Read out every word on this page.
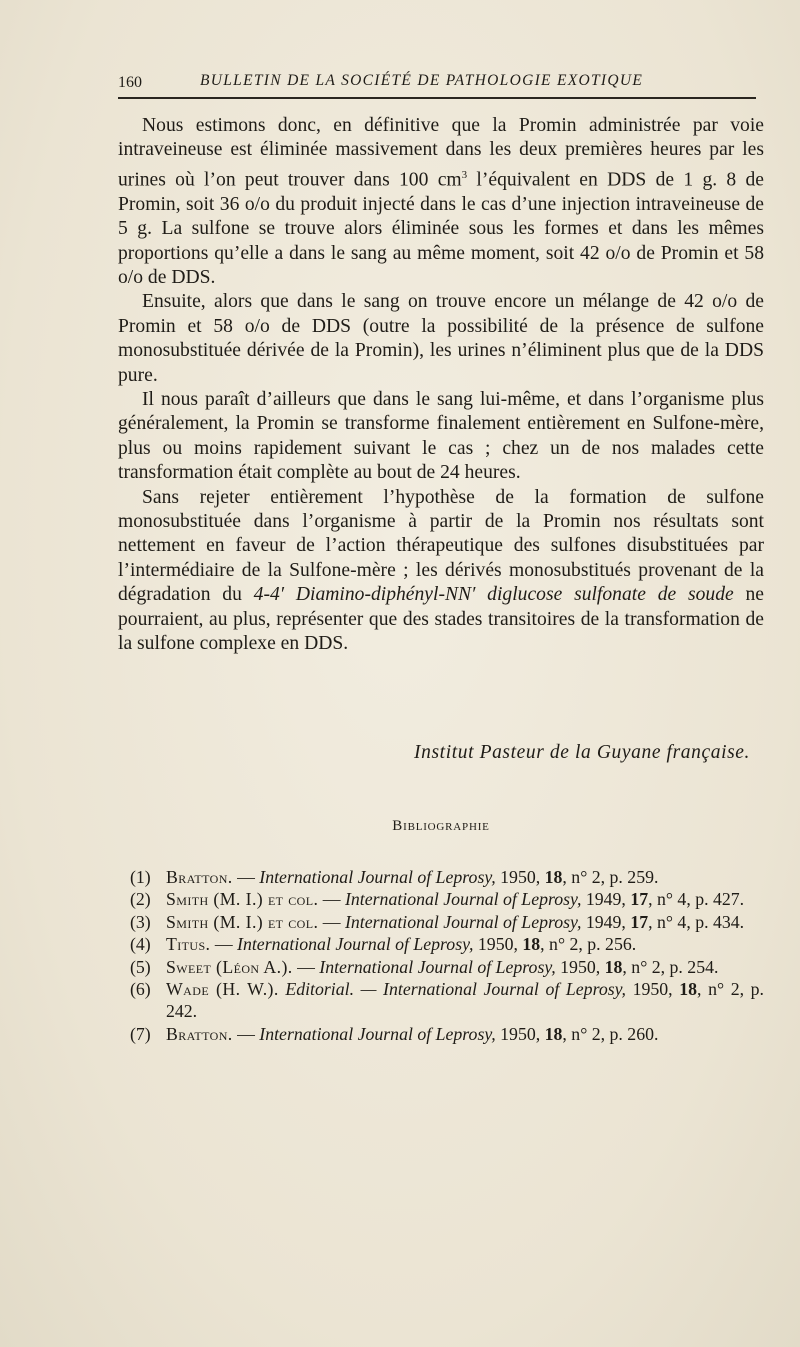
160	BULLETIN DE LA SOCIÉTÉ DE PATHOLOGIE EXOTIQUE

Nous estimons donc, en définitive que la Promin administrée par voie intraveineuse est éliminée massivement dans les deux premières heures par les urines où l’on peut trouver dans 100 $cm^3$ l’équivalent en DDS de 1 g. 8 de Promin, soit 36 o/o du produit injecté dans le cas d’une injection intraveineuse de 5 g. La sulfone se trouve alors éliminée sous les formes et dans les mêmes proportions qu’elle a dans le sang au même moment, soit 42 o/o de Promin et 58 o/o de DDS.

Ensuite, alors que dans le sang on trouve encore un mélange de 42 o/o de Promin et 58 o/o de DDS (outre la possibilité de la présence de sulfone monosubstituée dérivée de la Promin), les urines n’éliminent plus que de la DDS pure.

Il nous paraît d’ailleurs que dans le sang lui-même, et dans l’organisme plus généralement, la Promin se transforme finalement entièrement en Sulfone-mère, plus ou moins rapidement suivant le cas ; chez un de nos malades cette transformation était complète au bout de 24 heures.

Sans rejeter entièrement l’hypothèse de la formation de sulfone monosubstituée dans l’organisme à partir de la Promin nos résultats sont nettement en faveur de l’action thérapeutique des sulfones disubstituées par l’intermédiaire de la Sulfone-mère ; les dérivés monosubstitués provenant de la dégradation du 4-4′ Diamino-diphényl-NN′ diglucose sulfonate de soude ne pourraient, au plus, représenter que des stades transitoires de la transformation de la sulfone complexe en DDS.

Institut Pasteur de la Guyane française.
Bibliographie
(1) Bratton. — International Journal of Leprosy, 1950, 18, n° 2, p. 259.
(2) Smith (M. I.) et col. — International Journal of Leprosy, 1949, 17, n° 4, p. 427.
(3) Smith (M. I.) et col. — International Journal of Leprosy, 1949, 17, n° 4, p. 434.
(4) Titus. — International Journal of Leprosy, 1950, 18, n° 2, p. 256.
(5) Sweet (Léon A.). — International Journal of Leprosy, 1950, 18, n° 2, p. 254.
(6) Wade (H. W.). Editorial. — International Journal of Leprosy, 1950, 18, n° 2, p. 242.
(7) Bratton. — International Journal of Leprosy, 1950, 18, n° 2, p. 260.
